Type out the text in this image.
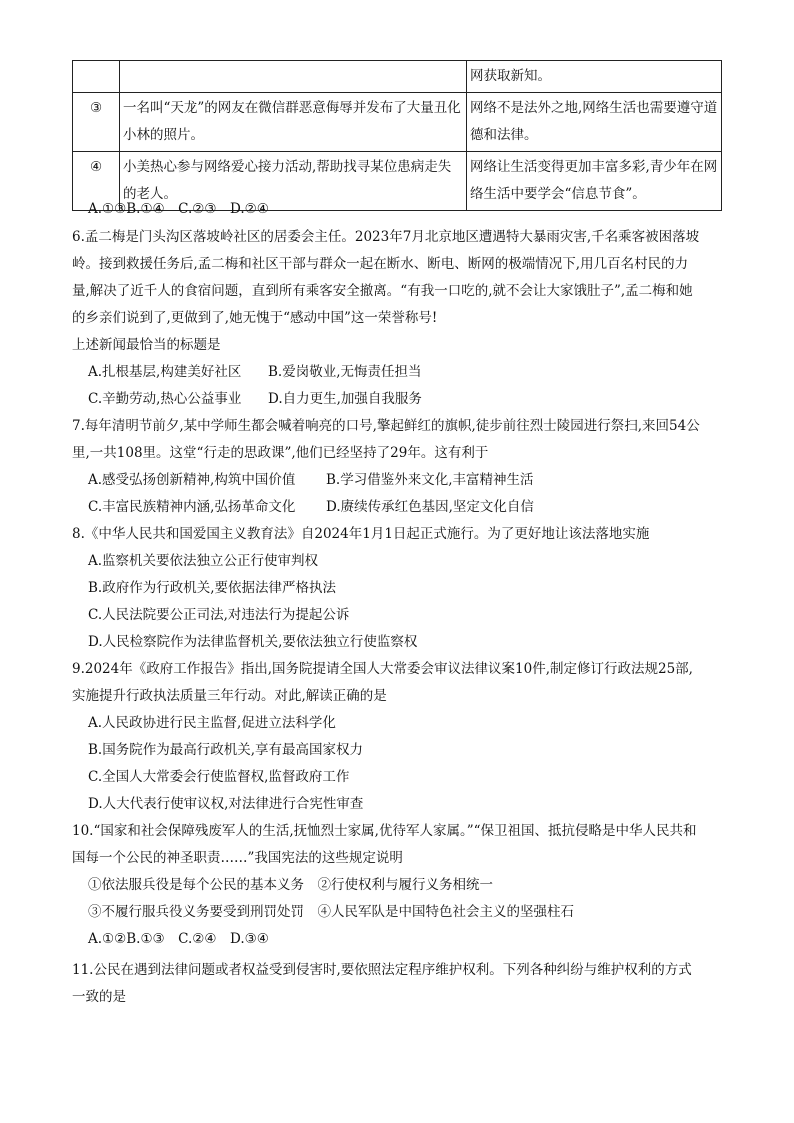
		网获取新知。
③	一名叫“天龙”的网友在微信群恶意侮辱并发布了大量丑化小林的照片。	网络不是法外之地,网络生活也需要遵守道德和法律。
④	小美热心参与网络爱心接力活动,帮助找寻某位患病走失的老人。	网络让生活变得更加丰富多彩,青少年在网络生活中要学会“信息节食”。
A.①③B.①④　C.②③　D.②④
6.孟二梅是门头沟区落坡岭社区的居委会主任。2023年7月北京地区遭遇特大暴雨灾害,千名乘客被困落坡
岭。接到救援任务后,孟二梅和社区干部与群众一起在断水、断电、断网的极端情况下,用几百名村民的力
量,解决了近千人的食宿问题，直到所有乘客安全撤离。“有我一口吃的,就不会让大家饿肚子”,孟二梅和她
的乡亲们说到了,更做到了,她无愧于“感动中国”这一荣誉称号!
上述新闻最恰当的标题是
A.扎根基层,构建美好社区 B.爱岗敬业,无悔责任担当
C.辛勤劳动,热心公益事业 D.自力更生,加强自我服务
7.每年清明节前夕,某中学师生都会喊着响亮的口号,擎起鲜红的旗帜,徒步前往烈士陵园进行祭扫,来回54公
里,一共108里。这堂“行走的思政课”,他们已经坚持了29年。这有利于
A.感受弘扬创新精神,构筑中国价值 B.学习借鉴外来文化,丰富精神生活
C.丰富民族精神内涵,弘扬革命文化 D.赓续传承红色基因,坚定文化自信
8.《中华人民共和国爱国主义教育法》自2024年1月1日起正式施行。为了更好地让该法落地实施
A.监察机关要依法独立公正行使审判权
B.政府作为行政机关,要依据法律严格执法
C.人民法院要公正司法,对违法行为提起公诉
D.人民检察院作为法律监督机关,要依法独立行使监察权
9.2024年《政府工作报告》指出,国务院提请全国人大常委会审议法律议案10件,制定修订行政法规25部,
实施提升行政执法质量三年行动。对此,解读正确的是
A.人民政协进行民主监督,促进立法科学化
B.国务院作为最高行政机关,享有最高国家权力
C.全国人大常委会行使监督权,监督政府工作
D.人大代表行使审议权,对法律进行合宪性审查
10.“国家和社会保障残废军人的生活,抚恤烈士家属,优待军人家属。”“保卫祖国、抵抗侵略是中华人民共和
国每一个公民的神圣职责……”我国宪法的这些规定说明
①依法服兵役是每个公民的基本义务　②行使权利与履行义务相统一
③不履行服兵役义务要受到刑罚处罚　④人民军队是中国特色社会主义的坚强柱石
A.①②B.①③　C.②④　D.③④
11.公民在遇到法律问题或者权益受到侵害时,要依照法定程序维护权利。下列各种纠纷与维护权利的方式
一致的是
